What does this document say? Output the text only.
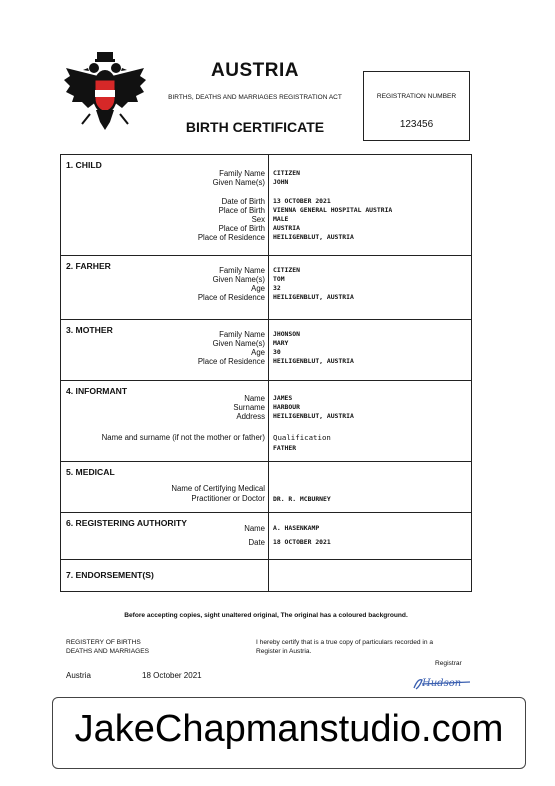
AUSTRIA
BIRTHS, DEATHS AND MARRIAGES REGISTRATION ACT
BIRTH CERTIFICATE
REGISTRATION NUMBER
123456
1. CHILD
Family Name CITIZEN
Given Name(s) JOHN
Date of Birth 13 OCTOBER 2021
Place of Birth VIENNA GENERAL HOSPITAL AUSTRIA
Sex MALE
Place of Birth AUSTRIA
Place of Residence HEILIGENBLUT, AUSTRIA
2. FARHER	Family Name CITIZEN
Given Name(s) TOM
Age 32
Place of Residence HEILIGENBLUT, AUSTRIA
3. MOTHER	Family Name JHONSON
Given Name(s) MARY
Age 30
Place of Residence HEILIGENBLUT, AUSTRIA
4. INFORMANT
Name JAMES
Surname HARBOUR
Address HEILIGENBLUT, AUSTRIA
Name and surname (if not the mother or father) Qualification
FATHER
5. MEDICAL
Name of Certifying Medical
Practitioner or Doctor DR. R. MCBURNEY
6. REGISTERING AUTHORITY
Name A. HASENKAMP
Date 18 OCTOBER 2021
7. ENDORSEMENT(S)
Before accepting copies, sight unaltered original, The original has a coloured background.
REGISTERY OF BIRTHS
DEATHS AND MARRIAGES
I hereby certify that is a true copy of particulars recorded in a
Register in Austria.
Registrar
Austria	18 October 2021
Hudson
JakeChapmanstudio.com
